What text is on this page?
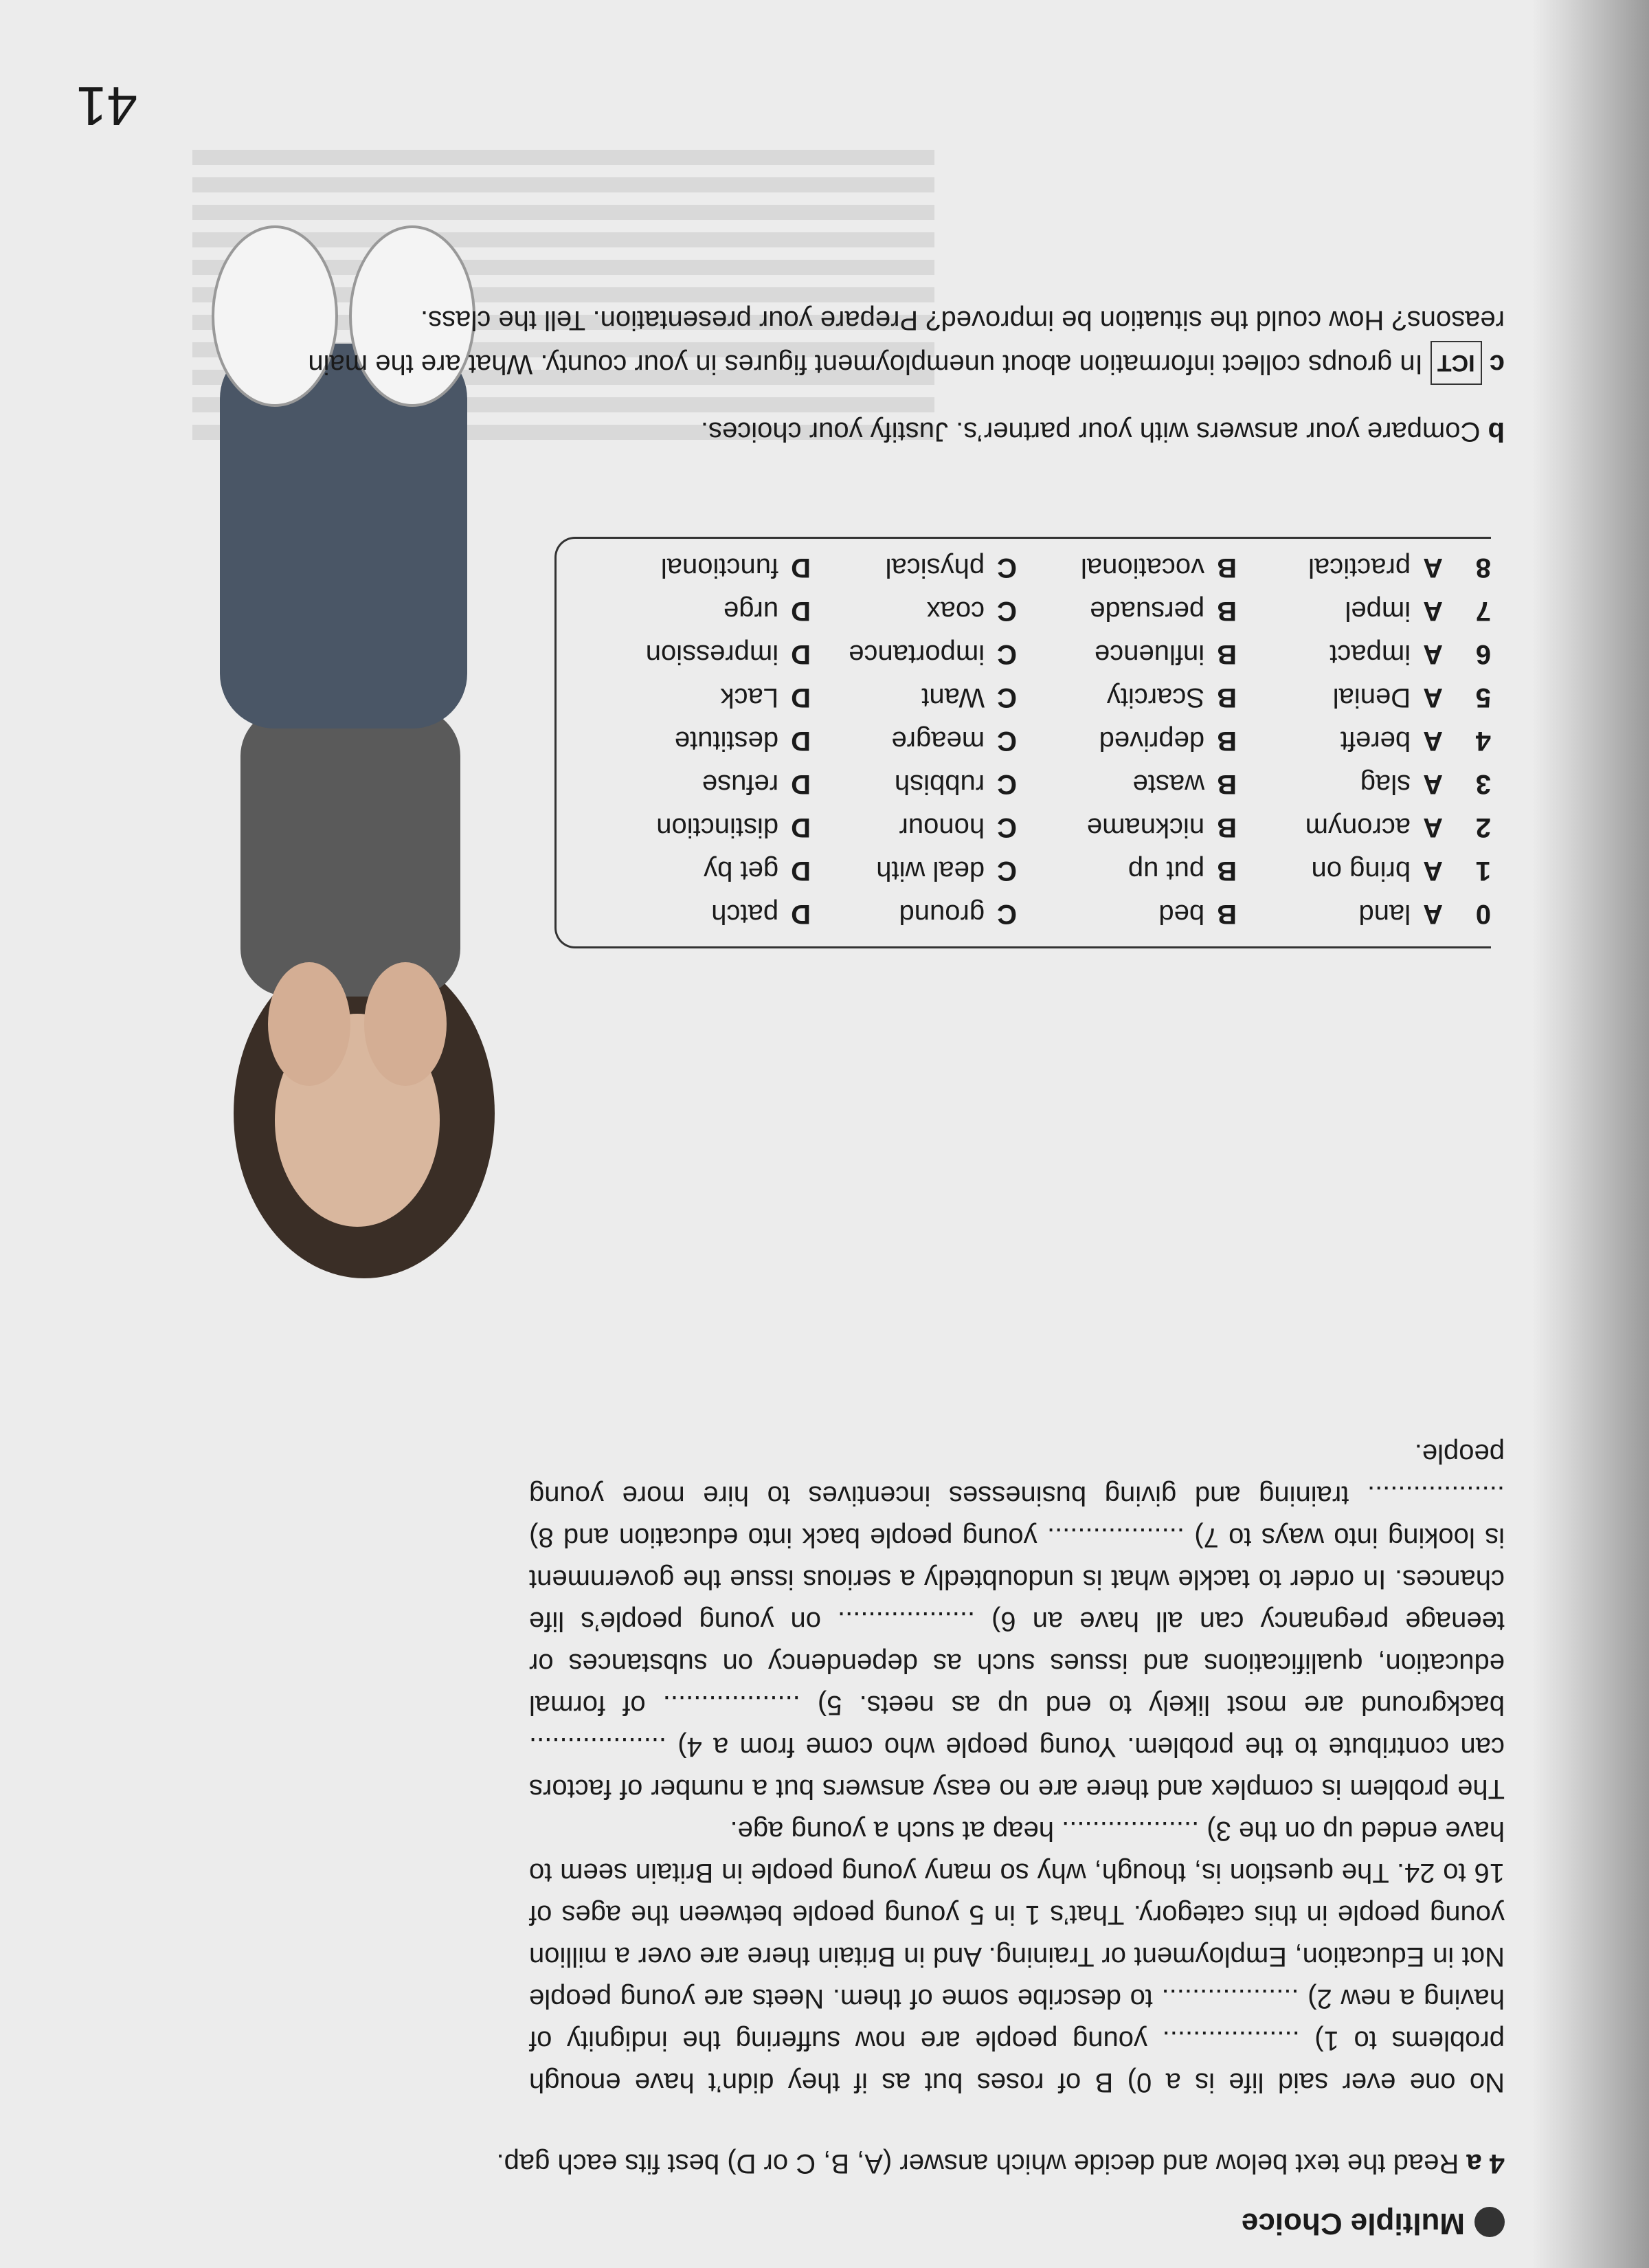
Multiple Choice
4 a Read the text below and decide which answer (A, B, C or D) best fits each gap.

No one ever said life is a 0) B of roses but as if they didn’t have enough problems to 1) .................. young people are now suffering the indignity of having a new 2) .................. to describe some of them. Neets are young people Not in Education, Employment or Training. And in Britain there are over a million young people in this category. That’s 1 in 5 young people between the ages of 16 to 24. The question is, though, why so many young people in Britain seem to have ended up on the 3) .................. heap at such a young age.

The problem is complex and there are no easy answers but a number of factors can contribute to the problem. Young people who come from a 4) .................. background are most likely to end up as neets. 5) .................. of formal education, qualifications and issues such as dependency on substances or teenage pregnancy can all have an 6) .................. on young people’s life chances. In order to tackle what is undoubtedly a serious issue the government is looking into ways to 7) .................. young people back into education and 8) .................. training and giving businesses incentives to hire more young people.

0
Aland
Bbed
Cground
Dpatch
1
Abring on
Bput up
Cdeal with
Dget by
2
Aacronym
Bnickname
Chonour
Ddistinction
3
Aslag
Bwaste
Crubbish
Drefuse
4
Abereft
Bdeprived
Cmeagre
Ddestitute
5
ADenial
BScarcity
CWant
DLack
6
Aimpact
Binfluence
Cimportance
Dimpression
7
Aimpel
Bpersuade
Ccoax
Durge
8
Apractical
Bvocational
Cphysical
Dfunctional
b Compare your answers with your partner’s. Justify your choices.
c ICT In groups collect information about unemployment figures in your county. What are the main reasons? How could the situation be improved? Prepare your presentation. Tell the class.
41
